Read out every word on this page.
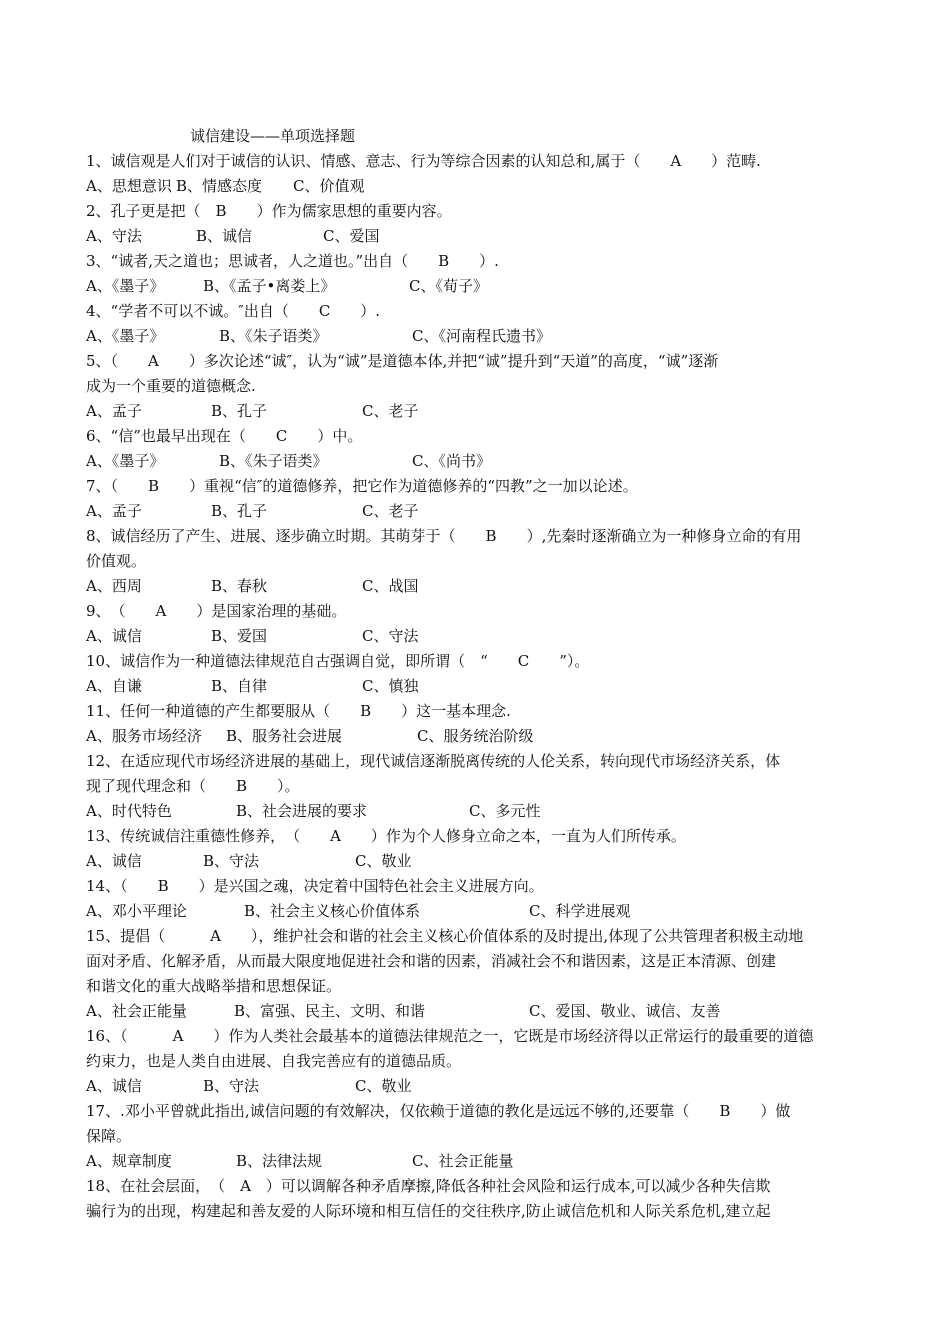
诚信建设——单项选择题
1、诚信观是人们对于诚信的认识、情感、意志、行为等综合因素的认知总和,属于（　　A　　）范畴.
A、思想意识 B、情感态度	C、价值观
2、孔子更是把（　B　　）作为儒家思想的重要内容。
A、守法	B、诚信	C、爱国
3、“诚者,天之道也；思诚者，人之道也。”出自（　　B　　）.
A、《墨子》	B、《孟子•离娄上》	C、《荀子》
4、“学者不可以不诚。″出自（　　C　　）.
A、《墨子》	B、《朱子语类》	C、《河南程氏遗书》
5、（　　A　　）多次论述“诚″，认为“诚”是道德本体,并把“诚”提升到“天道”的高度，“诚”逐渐
成为一个重要的道德概念.
A、孟子	B、孔子	C、老子
6、“信”也最早出现在（　　C　　）中。
A、《墨子》	B、《朱子语类》	C、《尚书》
7、（　　B　　）重视“信″的道德修养，把它作为道德修养的“四教”之一加以论述。
A、孟子	B、孔子	C、老子
8、诚信经历了产生、进展、逐步确立时期。其萌芽于（　　B　　）,先秦时逐渐确立为一种修身立命的有用
价值观。
A、西周	B、春秋	C、战国
9、　（　　A　　）是国家治理的基础。
A、诚信	B、爱国	C、守法
10、诚信作为一种道德法律规范自古强调自觉，即所谓（　“　　C　　”）。
A、自谦	B、自律	C、慎独
11、任何一种道德的产生都要服从（　　B　　）这一基本理念.
A、服务市场经济	B、服务社会进展	C、服务统治阶级
12、在适应现代市场经济进展的基础上，现代诚信逐渐脱离传统的人伦关系，转向现代市场经济关系，体
现了现代理念和（　　B　　）。
A、时代特色	B、社会进展的要求	C、多元性
13、传统诚信注重德性修养，　（　　A　　）作为个人修身立命之本，一直为人们所传承。
A、诚信	B、守法	C、敬业
14、（　　B　　）是兴国之魂，决定着中国特色社会主义进展方向。
A、邓小平理论	B、社会主义核心价值体系	C、科学进展观
15、提倡（　　　A　　），维护社会和谐的社会主义核心价值体系的及时提出,体现了公共管理者积极主动地
面对矛盾、化解矛盾，从而最大限度地促进社会和谐的因素，消减社会不和谐因素，这是正本清源、创建
和谐文化的重大战略举措和思想保证。
A、社会正能量	B、富强、民主、文明、和谐	C、爱国、敬业、诚信、友善
16、（　　　A　　）作为人类社会最基本的道德法律规范之一，它既是市场经济得以正常运行的最重要的道德
约束力，也是人类自由进展、自我完善应有的道德品质。
A、诚信	B、守法	C、敬业
17、.邓小平曾就此指出,诚信问题的有效解决，仅依赖于道德的教化是远远不够的,还要靠（　　B　　）做
保障。
A、规章制度	B、法律法规	C、社会正能量
18、在社会层面，　（　A　）可以调解各种矛盾摩擦,降低各种社会风险和运行成本,可以减少各种失信欺
骗行为的出现，构建起和善友爱的人际环境和相互信任的交往秩序,防止诚信危机和人际关系危机,建立起
